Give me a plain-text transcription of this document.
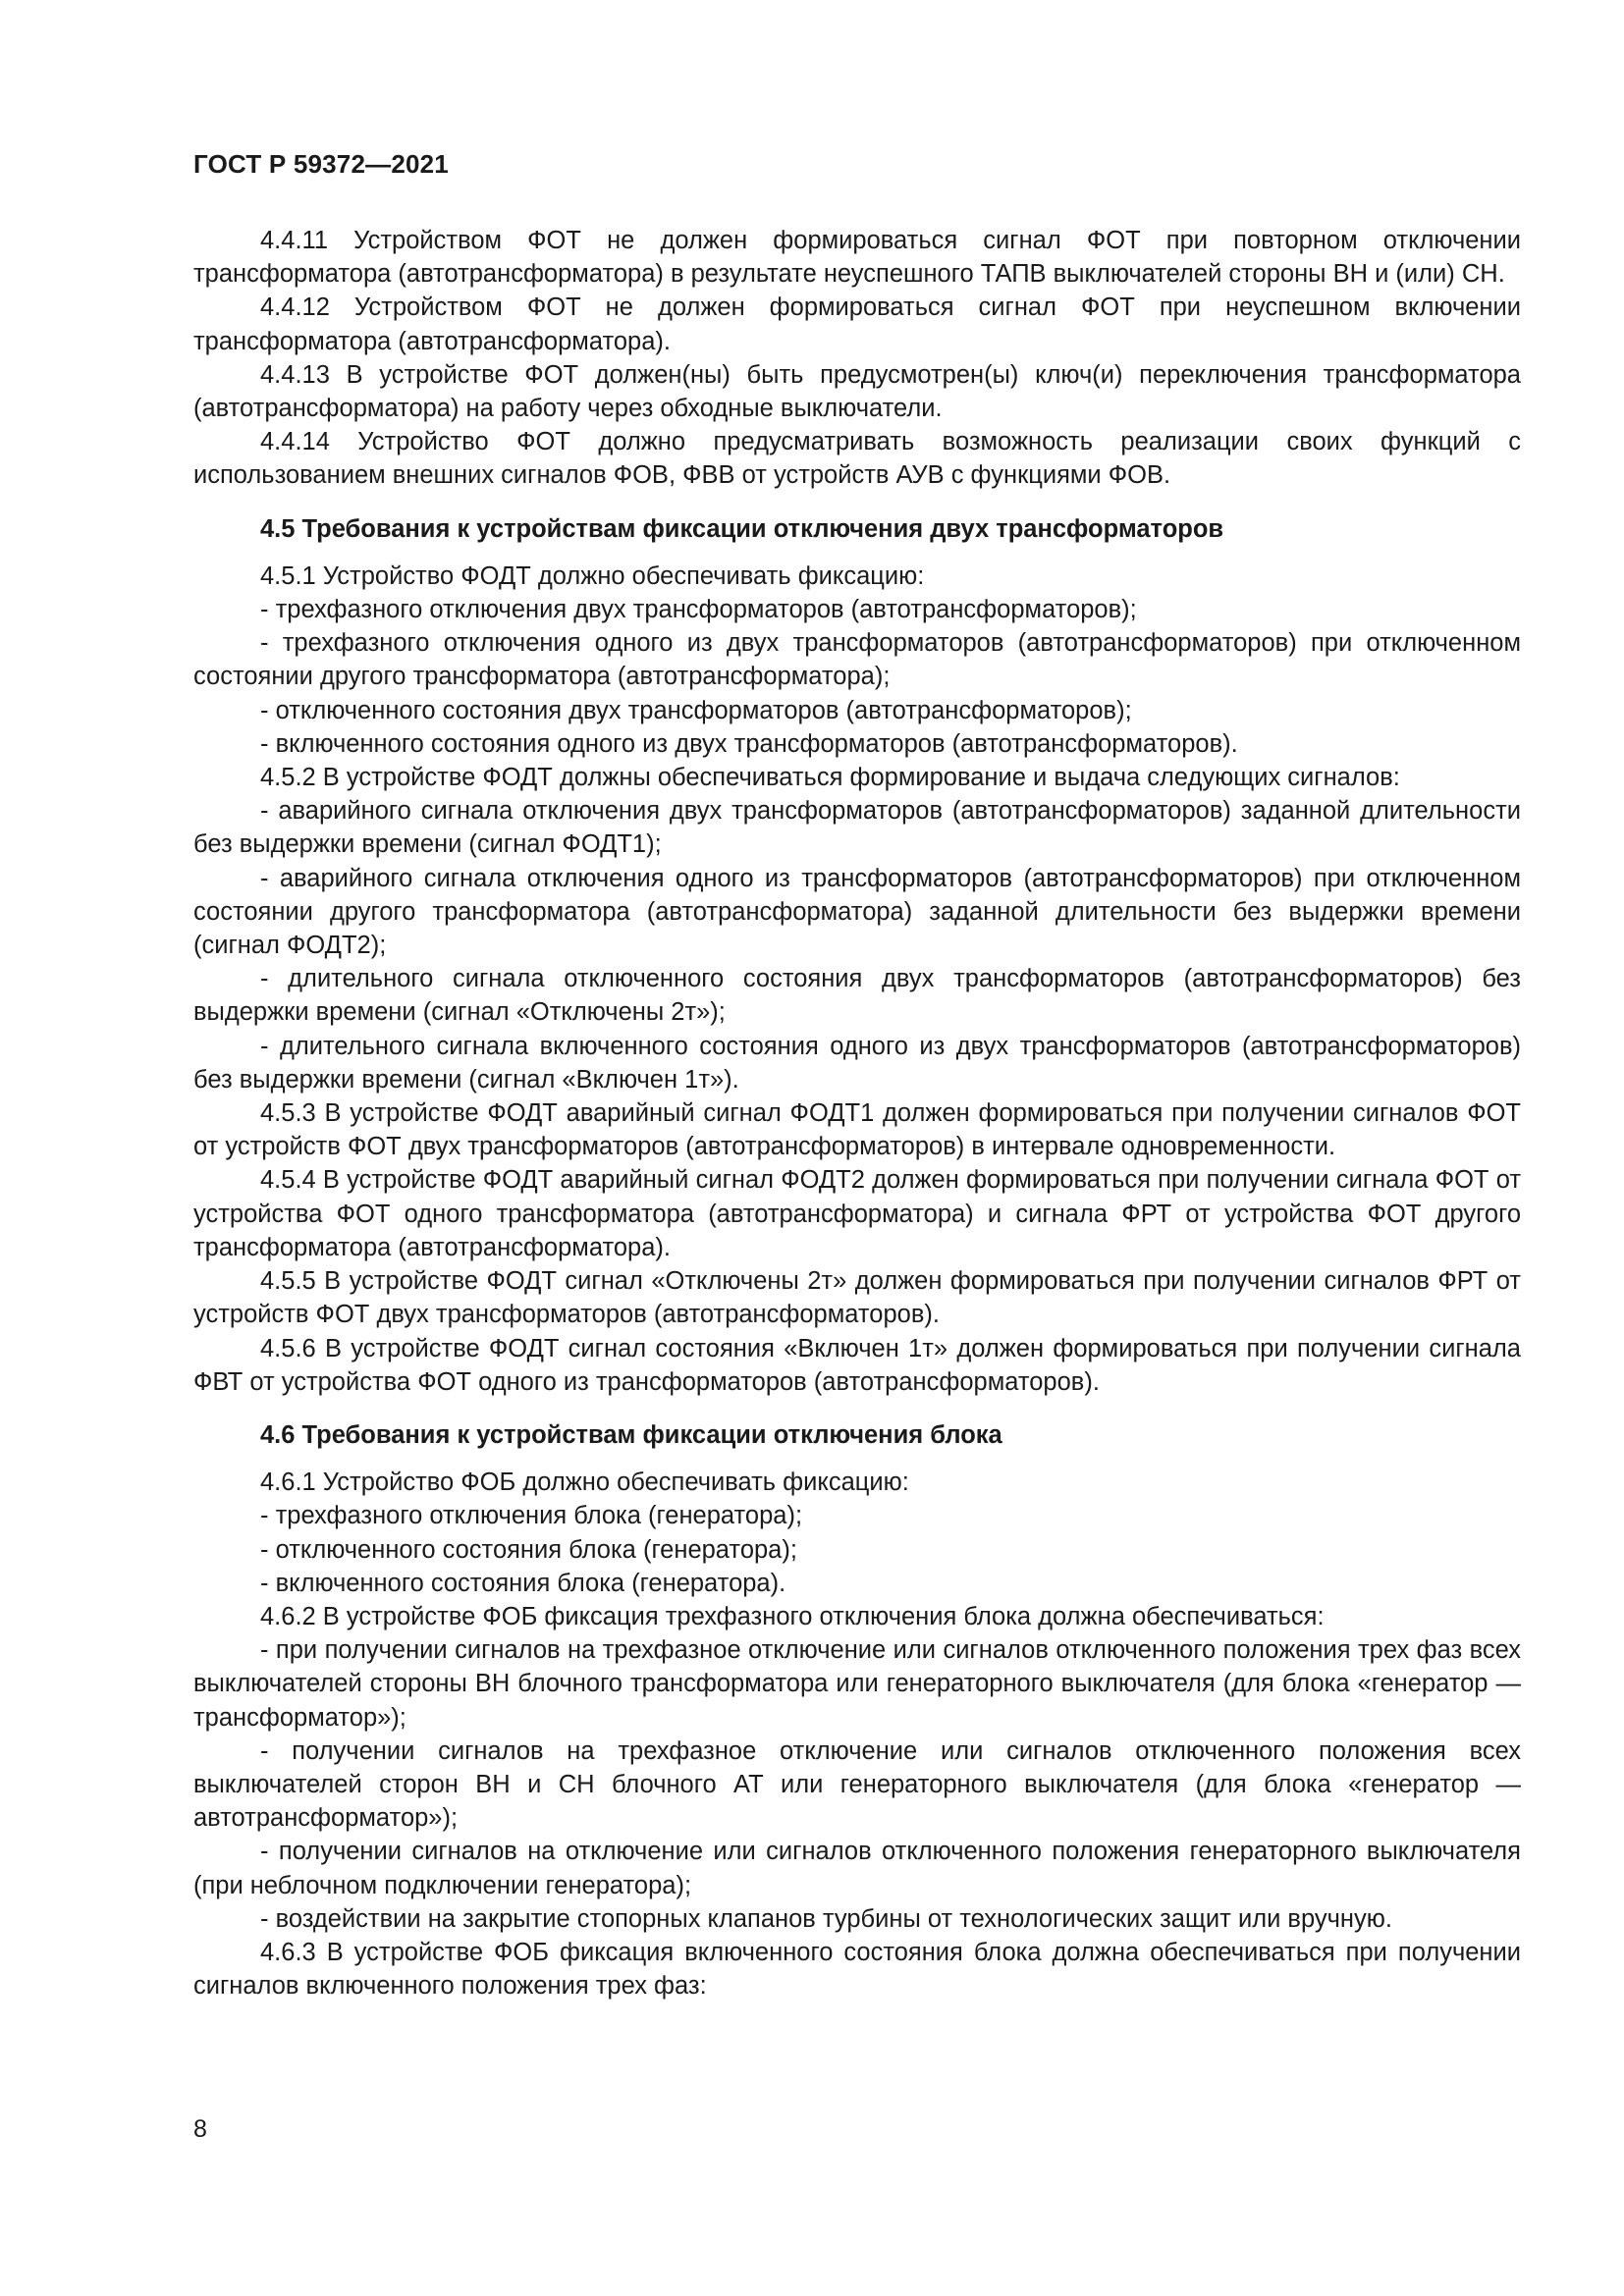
ГОСТ Р 59372—2021

4.4.11 Устройством ФОТ не должен формироваться сигнал ФОТ при повторном отключении трансформатора (автотрансформатора) в результате неуспешного ТАПВ выключателей стороны ВН и (или) СН.

4.4.12 Устройством ФОТ не должен формироваться сигнал ФОТ при неуспешном включении трансформатора (автотрансформатора).

4.4.13 В устройстве ФОТ должен(ны) быть предусмотрен(ы) ключ(и) переключения трансформатора (автотрансформатора) на работу через обходные выключатели.

4.4.14 Устройство ФОТ должно предусматривать возможность реализации своих функций с использованием внешних сигналов ФОВ, ФВВ от устройств АУВ с функциями ФОВ.

4.5 Требования к устройствам фиксации отключения двух трансформаторов

4.5.1 Устройство ФОДТ должно обеспечивать фиксацию:

- трехфазного отключения двух трансформаторов (автотрансформаторов);

- трехфазного отключения одного из двух трансформаторов (автотрансформаторов) при отключенном состоянии другого трансформатора (автотрансформатора);

- отключенного состояния двух трансформаторов (автотрансформаторов);

- включенного состояния одного из двух трансформаторов (автотрансформаторов).

4.5.2 В устройстве ФОДТ должны обеспечиваться формирование и выдача следующих сигналов:

- аварийного сигнала отключения двух трансформаторов (автотрансформаторов) заданной длительности без выдержки времени (сигнал ФОДТ1);

- аварийного сигнала отключения одного из трансформаторов (автотрансформаторов) при отключенном состоянии другого трансформатора (автотрансформатора) заданной длительности без выдержки времени (сигнал ФОДТ2);

- длительного сигнала отключенного состояния двух трансформаторов (автотрансформаторов) без выдержки времени (сигнал «Отключены 2т»);

- длительного сигнала включенного состояния одного из двух трансформаторов (автотрансформаторов) без выдержки времени (сигнал «Включен 1т»).

4.5.3 В устройстве ФОДТ аварийный сигнал ФОДТ1 должен формироваться при получении сигналов ФОТ от устройств ФОТ двух трансформаторов (автотрансформаторов) в интервале одновременности.

4.5.4 В устройстве ФОДТ аварийный сигнал ФОДТ2 должен формироваться при получении сигнала ФОТ от устройства ФОТ одного трансформатора (автотрансформатора) и сигнала ФРТ от устройства ФОТ другого трансформатора (автотрансформатора).

4.5.5 В устройстве ФОДТ сигнал «Отключены 2т» должен формироваться при получении сигналов ФРТ от устройств ФОТ двух трансформаторов (автотрансформаторов).

4.5.6 В устройстве ФОДТ сигнал состояния «Включен 1т» должен формироваться при получении сигнала ФВТ от устройства ФОТ одного из трансформаторов (автотрансформаторов).

4.6 Требования к устройствам фиксации отключения блока

4.6.1 Устройство ФОБ должно обеспечивать фиксацию:

- трехфазного отключения блока (генератора);

- отключенного состояния блока (генератора);

- включенного состояния блока (генератора).

4.6.2 В устройстве ФОБ фиксация трехфазного отключения блока должна обеспечиваться:

- при получении сигналов на трехфазное отключение или сигналов отключенного положения трех фаз всех выключателей стороны ВН блочного трансформатора или генераторного выключателя (для блока «генератор — трансформатор»);

- получении сигналов на трехфазное отключение или сигналов отключенного положения всех выключателей сторон ВН и СН блочного АТ или генераторного выключателя (для блока «генератор — автотрансформатор»);

- получении сигналов на отключение или сигналов отключенного положения генераторного выключателя (при неблочном подключении генератора);

- воздействии на закрытие стопорных клапанов турбины от технологических защит или вручную.

4.6.3 В устройстве ФОБ фиксация включенного состояния блока должна обеспечиваться при получении сигналов включенного положения трех фаз:

8
